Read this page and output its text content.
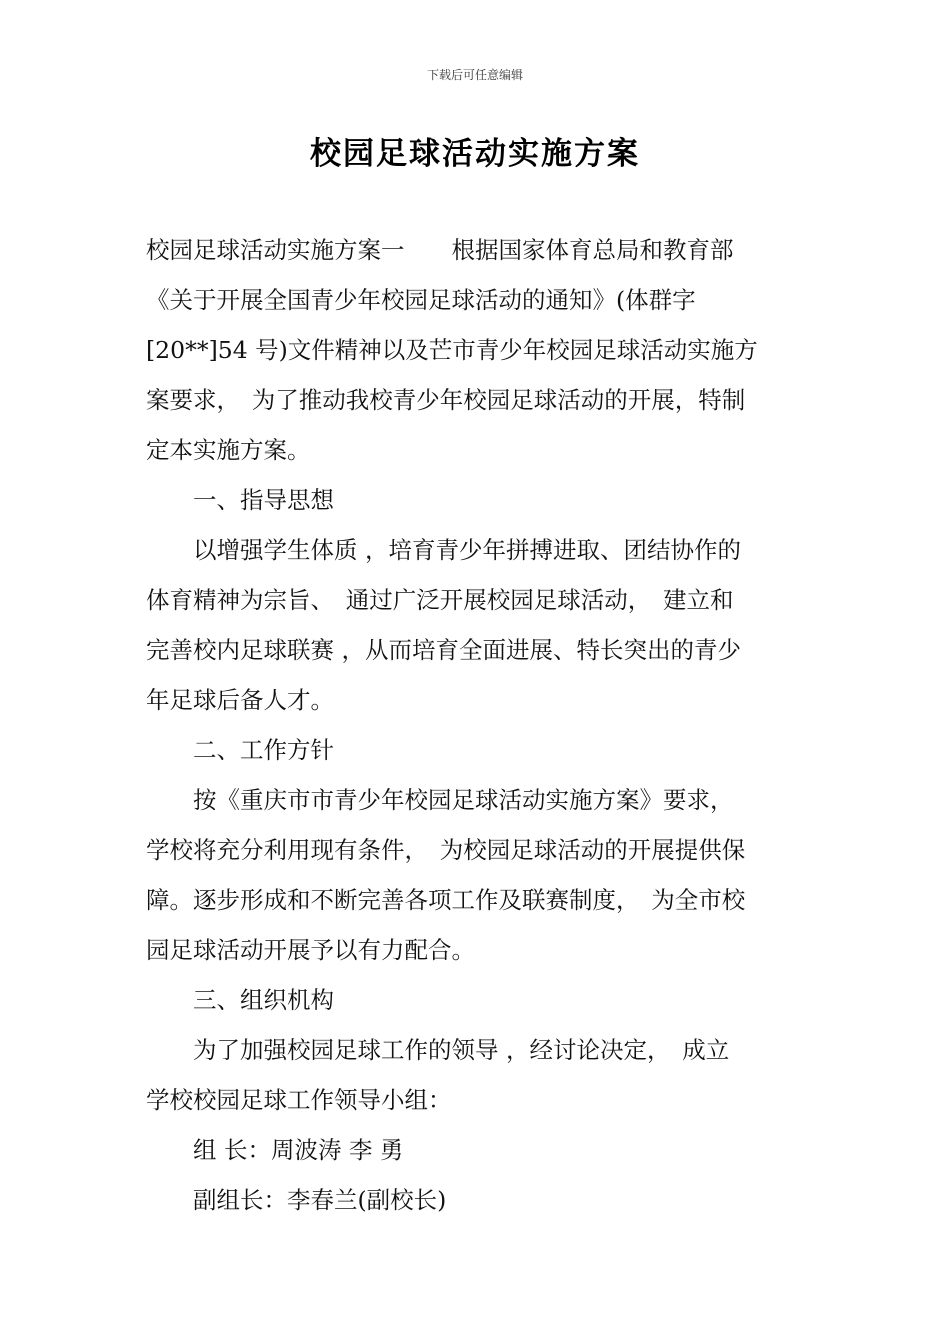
下载后可任意编辑
校园足球活动实施方案
校园足球活动实施方案一　　根据国家体育总局和教育部
《关于开展全国青少年校园足球活动的通知》(体群字
[20**]54 号)文件精神以及芒市青少年校园足球活动实施方
案要求，　为了推动我校青少年校园足球活动的开展，特制
定本实施方案。
　　一、指导思想
　　以增强学生体质 ，培育青少年拼搏进取、团结协作的
体育精神为宗旨、　通过广泛开展校园足球活动，　建立和
完善校内足球联赛 ，从而培育全面进展、特长突出的青少
年足球后备人才。
　　二、工作方针
　　按《重庆市市青少年校园足球活动实施方案》要求，
学校将充分利用现有条件，　为校园足球活动的开展提供保
障。逐步形成和不断完善各项工作及联赛制度，　为全市校
园足球活动开展予以有力配合。
　　三、组织机构
　　为了加强校园足球工作的领导 ，经讨论决定，　成立
学校校园足球工作领导小组：
　　组 长：周波涛 李 勇
　　副组长：李春兰(副校长)
